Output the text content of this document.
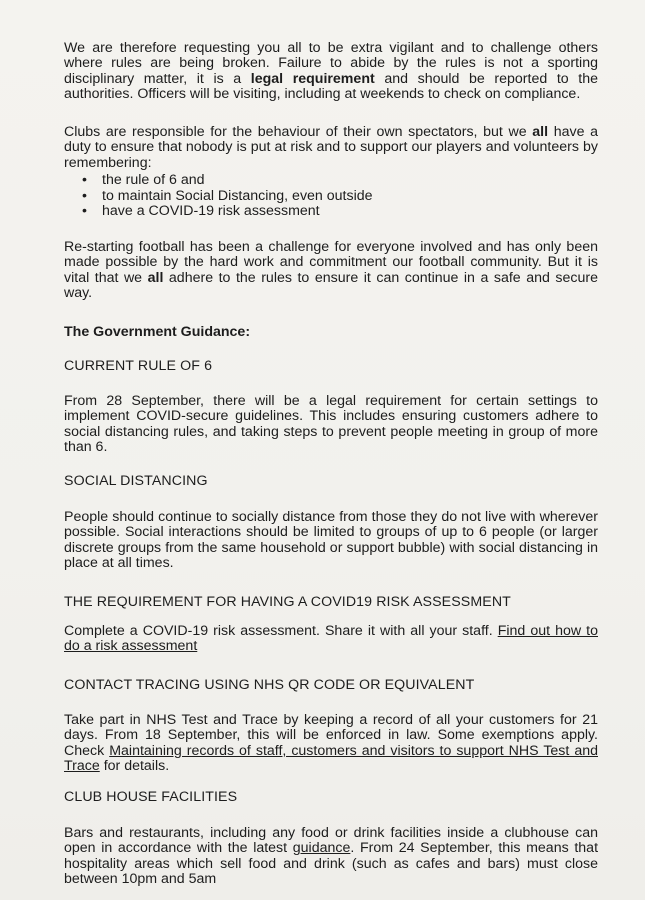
We are therefore requesting you all to be extra vigilant and to challenge others where rules are being broken. Failure to abide by the rules is not a sporting disciplinary matter, it is a legal requirement and should be reported to the authorities. Officers will be visiting, including at weekends to check on compliance.

Clubs are responsible for the behaviour of their own spectators, but we all have a duty to ensure that nobody is put at risk and to support our players and volunteers by remembering:

• the rule of 6 and
• to maintain Social Distancing, even outside
• have a COVID-19 risk assessment

Re-starting football has been a challenge for everyone involved and has only been made possible by the hard work and commitment our football community. But it is vital that we all adhere to the rules to ensure it can continue in a safe and secure way.

The Government Guidance:

CURRENT RULE OF 6

From 28 September, there will be a legal requirement for certain settings to implement COVID-secure guidelines. This includes ensuring customers adhere to social distancing rules, and taking steps to prevent people meeting in group of more than 6.

SOCIAL DISTANCING

People should continue to socially distance from those they do not live with wherever possible. Social interactions should be limited to groups of up to 6 people (or larger discrete groups from the same household or support bubble) with social distancing in place at all times.

THE REQUIREMENT FOR HAVING A COVID19 RISK ASSESSMENT

Complete a COVID-19 risk assessment. Share it with all your staff. Find out how to do a risk assessment

CONTACT TRACING USING NHS QR CODE OR EQUIVALENT

Take part in NHS Test and Trace by keeping a record of all your customers for 21 days. From 18 September, this will be enforced in law. Some exemptions apply. Check Maintaining records of staff, customers and visitors to support NHS Test and Trace for details.

CLUB HOUSE FACILITIES

Bars and restaurants, including any food or drink facilities inside a clubhouse can open in accordance with the latest guidance. From 24 September, this means that hospitality areas which sell food and drink (such as cafes and bars) must close between 10pm and 5am
